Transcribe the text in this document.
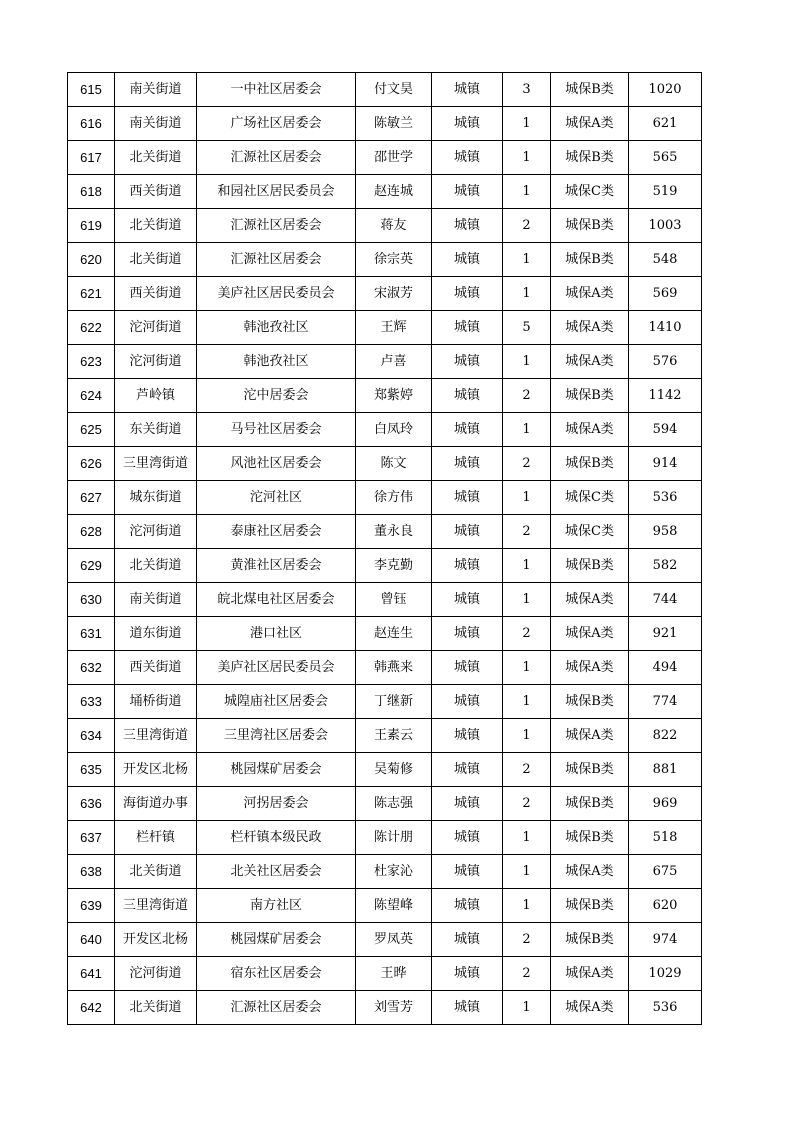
615	南关街道	一中社区居委会	付文昊	城镇	3	城保B类	1020
616	南关街道	广场社区居委会	陈敏兰	城镇	1	城保A类	621
617	北关街道	汇源社区居委会	邵世学	城镇	1	城保B类	565
618	西关街道	和园社区居民委员会	赵连城	城镇	1	城保C类	519
619	北关街道	汇源社区居委会	蒋友	城镇	2	城保B类	1003
620	北关街道	汇源社区居委会	徐宗英	城镇	1	城保B类	548
621	西关街道	美庐社区居民委员会	宋淑芳	城镇	1	城保A类	569
622	沱河街道	韩池孜社区	王辉	城镇	5	城保A类	1410
623	沱河街道	韩池孜社区	卢喜	城镇	1	城保A类	576
624	芦岭镇	沱中居委会	郑紫婷	城镇	2	城保B类	1142
625	东关街道	马号社区居委会	白凤玲	城镇	1	城保A类	594
626	三里湾街道	风池社区居委会	陈文	城镇	2	城保B类	914
627	城东街道	沱河社区	徐方伟	城镇	1	城保C类	536
628	沱河街道	泰康社区居委会	董永良	城镇	2	城保C类	958
629	北关街道	黄淮社区居委会	李克勤	城镇	1	城保B类	582
630	南关街道	皖北煤电社区居委会	曾钰	城镇	1	城保A类	744
631	道东街道	港口社区	赵连生	城镇	2	城保A类	921
632	西关街道	美庐社区居民委员会	韩燕来	城镇	1	城保A类	494
633	埇桥街道	城隍庙社区居委会	丁继新	城镇	1	城保B类	774
634	三里湾街道	三里湾社区居委会	王素云	城镇	1	城保A类	822
635	开发区北杨	桃园煤矿居委会	吴菊修	城镇	2	城保B类	881
636	海街道办事	河拐居委会	陈志强	城镇	2	城保B类	969
637	栏杆镇	栏杆镇本级民政	陈计朋	城镇	1	城保B类	518
638	北关街道	北关社区居委会	杜家沁	城镇	1	城保A类	675
639	三里湾街道	南方社区	陈望峰	城镇	1	城保B类	620
640	开发区北杨	桃园煤矿居委会	罗凤英	城镇	2	城保B类	974
641	沱河街道	宿东社区居委会	王晔	城镇	2	城保A类	1029
642	北关街道	汇源社区居委会	刘雪芳	城镇	1	城保A类	536
